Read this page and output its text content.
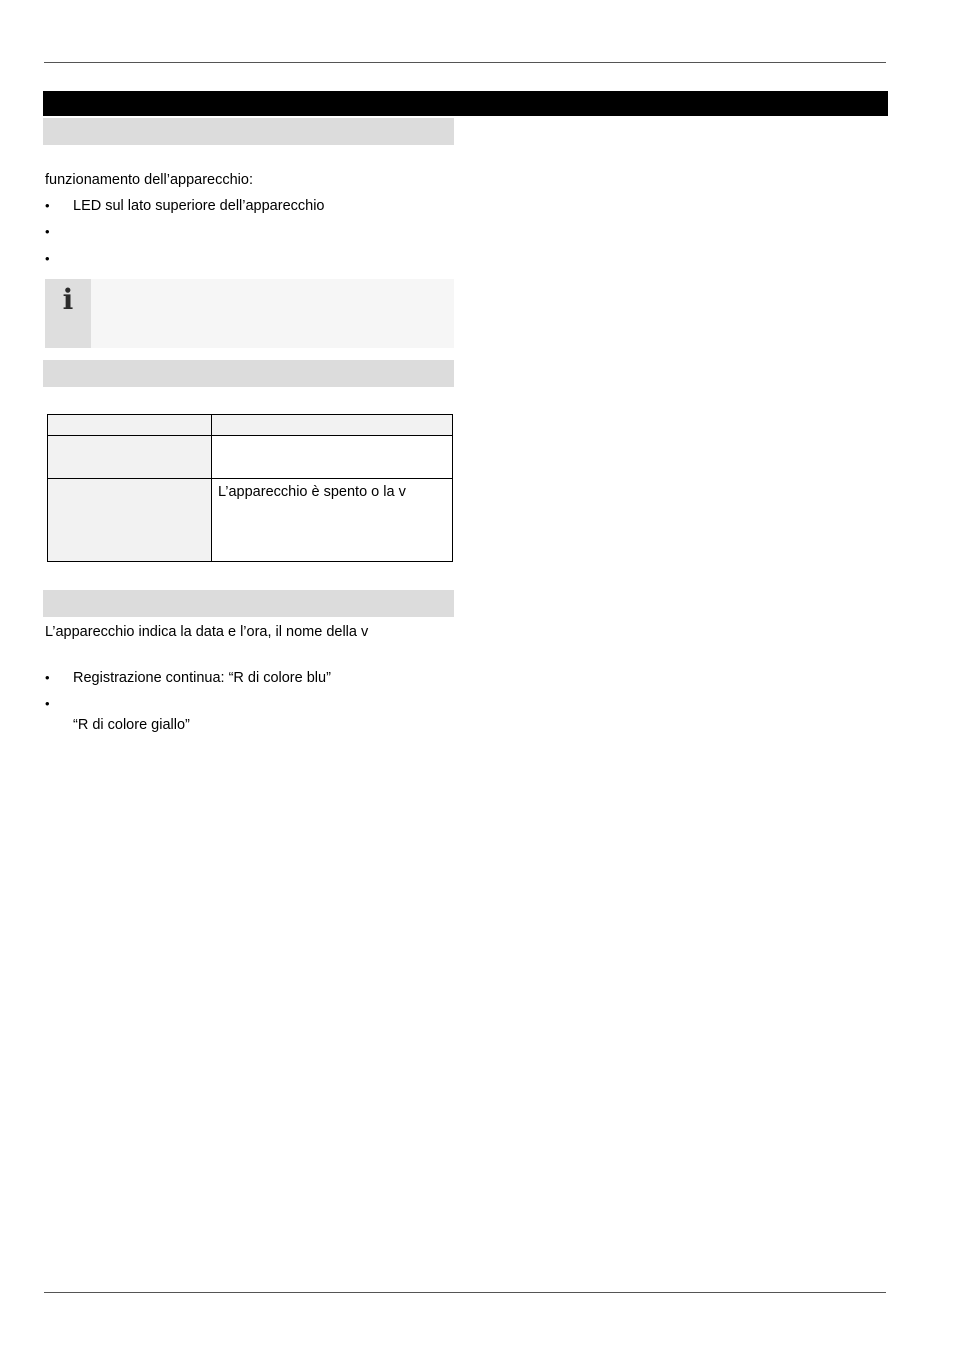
funzionamento dell’apparecchio:
• LED sul lato superiore dell’apparecchio
•
•
i

	L’apparecchio è spento o la v
L’apparecchio indica la data e l’ora, il nome della v
• Registrazione continua: “R di colore blu”
•
“R di colore giallo”
